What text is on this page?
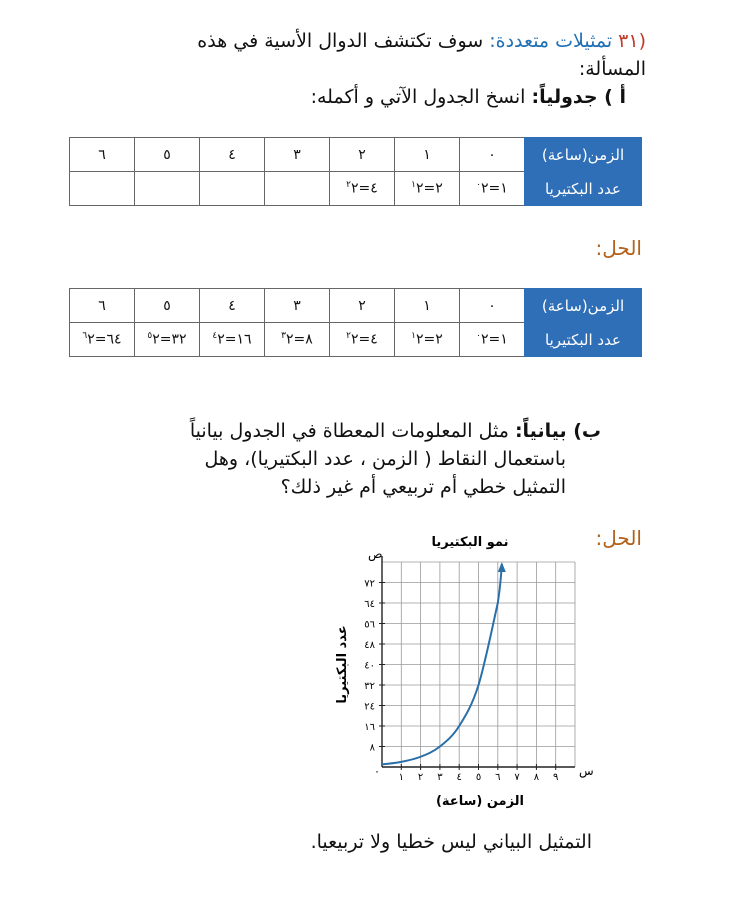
(٣١ تمثيلات متعددة: سوف تكتشف الدوال الأسية في هذه
المسألة:
أ ) جدولياً: انسخ الجدول الآتي و أكمله:
الزمن(ساعة)	٠	١	٢	٣	٤	٥	٦
عدد البكتيريا	$^٠$٢=١	$^١$٢=٢	$^٢$٢=٤				
الحل:
الزمن(ساعة)	٠	١	٢	٣	٤	٥	٦
عدد البكتيريا	$^٠$٢=١	$^١$٢=٢	$^٢$٢=٤	$^٣$٢=٨	$^٤$٢=١٦	$^٥$٢=٣٢	$^٦$٢=٦٤
ب) بيانياً: مثل المعلومات المعطاة في الجدول بيانياً
باستعمال النقاط ( الزمن ، عدد البكتيريا)، وهل
التمثيل خطي أم تربيعي أم غير ذلك؟
الحل:
نمو البكتيريا
عدد البكتيريا
الزمن (ساعة)
١ ٢ ٣ ٤ ٥ ٦ ٧ ٨ ٩
٨
١٦
٢٤
٣٢
٤٠
٤٨
٥٦
٦٤
٧٢
س
ص
٠
التمثيل البياني ليس خطيا ولا تربيعيا.
